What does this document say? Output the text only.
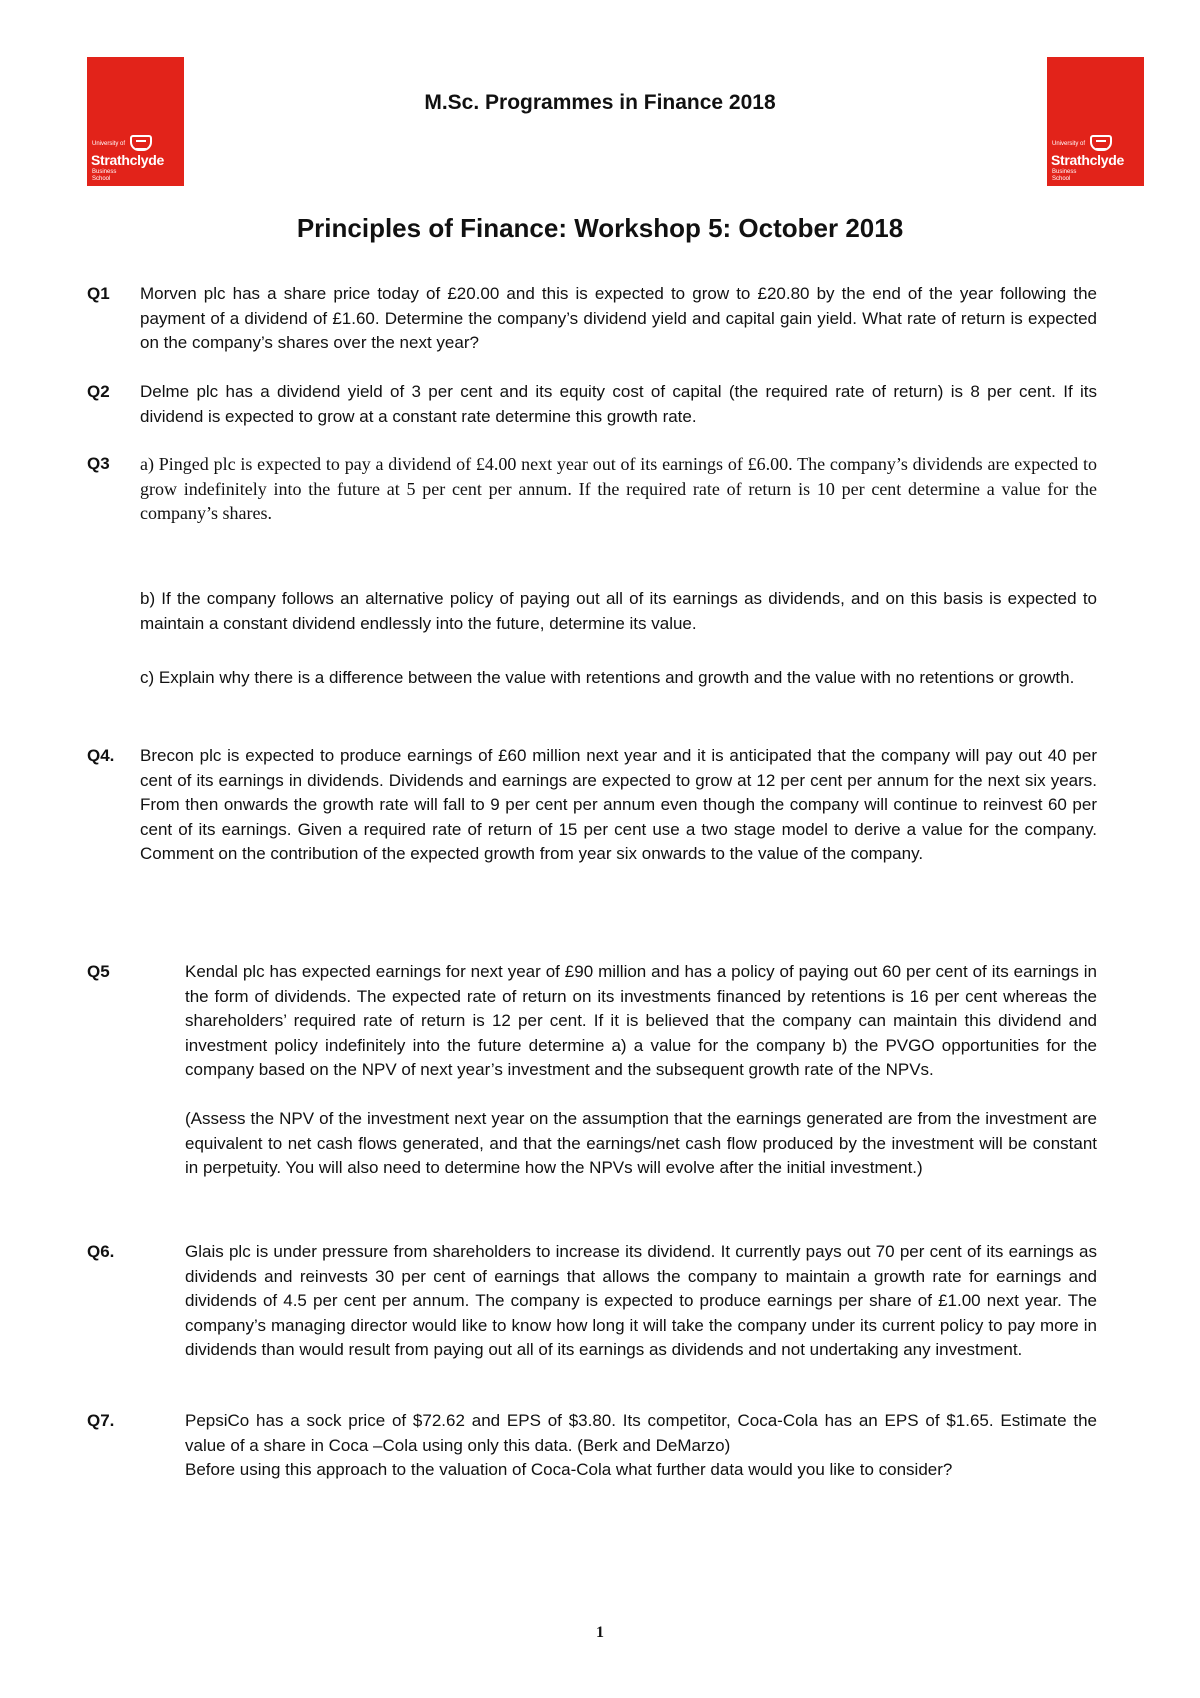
University of
Strathclyde
Business School
University of
Strathclyde
Business School
M.Sc. Programmes in Finance 2018
Principles of Finance: Workshop 5: October 2018
Q1 Morven plc has a share price today of £20.00 and this is expected to grow to £20.80 by the end of the year following the payment of a dividend of £1.60. Determine the company’s dividend yield and capital gain yield. What rate of return is expected on the company’s shares over the next year?
Q2 Delme plc has a dividend yield of 3 per cent and its equity cost of capital (the required rate of return) is 8 per cent. If its dividend is expected to grow at a constant rate determine this growth rate.
Q3 a) Pinged plc is expected to pay a dividend of £4.00 next year out of its earnings of £6.00. The company’s dividends are expected to grow indefinitely into the future at 5 per cent per annum. If the required rate of return is 10 per cent determine a value for the company’s shares.
b) If the company follows an alternative policy of paying out all of its earnings as dividends, and on this basis is expected to maintain a constant dividend endlessly into the future, determine its value.
c) Explain why there is a difference between the value with retentions and growth and the value with no retentions or growth.
Q4. Brecon plc is expected to produce earnings of £60 million next year and it is anticipated that the company will pay out 40 per cent of its earnings in dividends. Dividends and earnings are expected to grow at 12 per cent per annum for the next six years. From then onwards the growth rate will fall to 9 per cent per annum even though the company will continue to reinvest 60 per cent of its earnings. Given a required rate of return of 15 per cent use a two stage model to derive a value for the company. Comment on the contribution of the expected growth from year six onwards to the value of the company.
Q5	Kendal plc has expected earnings for next year of £90 million and has a policy of paying out 60 per cent of its earnings in the form of dividends. The expected rate of return on its investments financed by retentions is 16 per cent whereas the shareholders’ required rate of return is 12 per cent. If it is believed that the company can maintain this dividend and investment policy indefinitely into the future determine a) a value for the company b) the PVGO opportunities for the company based on the NPV of next year’s investment and the subsequent growth rate of the NPVs.
(Assess the NPV of the investment next year on the assumption that the earnings generated are from the investment are equivalent to net cash flows generated, and that the earnings/net cash flow produced by the investment will be constant in perpetuity. You will also need to determine how the NPVs will evolve after the initial investment.)
Q6.	Glais plc is under pressure from shareholders to increase its dividend. It currently pays out 70 per cent of its earnings as dividends and reinvests 30 per cent of earnings that allows the company to maintain a growth rate for earnings and dividends of 4.5 per cent per annum. The company is expected to produce earnings per share of £1.00 next year. The company’s managing director would like to know how long it will take the company under its current policy to pay more in dividends than would result from paying out all of its earnings as dividends and not undertaking any investment.
Q7.	PepsiCo has a sock price of $72.62 and EPS of $3.80. Its competitor, Coca-Cola has an EPS of $1.65. Estimate the value of a share in Coca –Cola using only this data. (Berk and DeMarzo)
Before using this approach to the valuation of Coca-Cola what further data would you like to consider?
1
